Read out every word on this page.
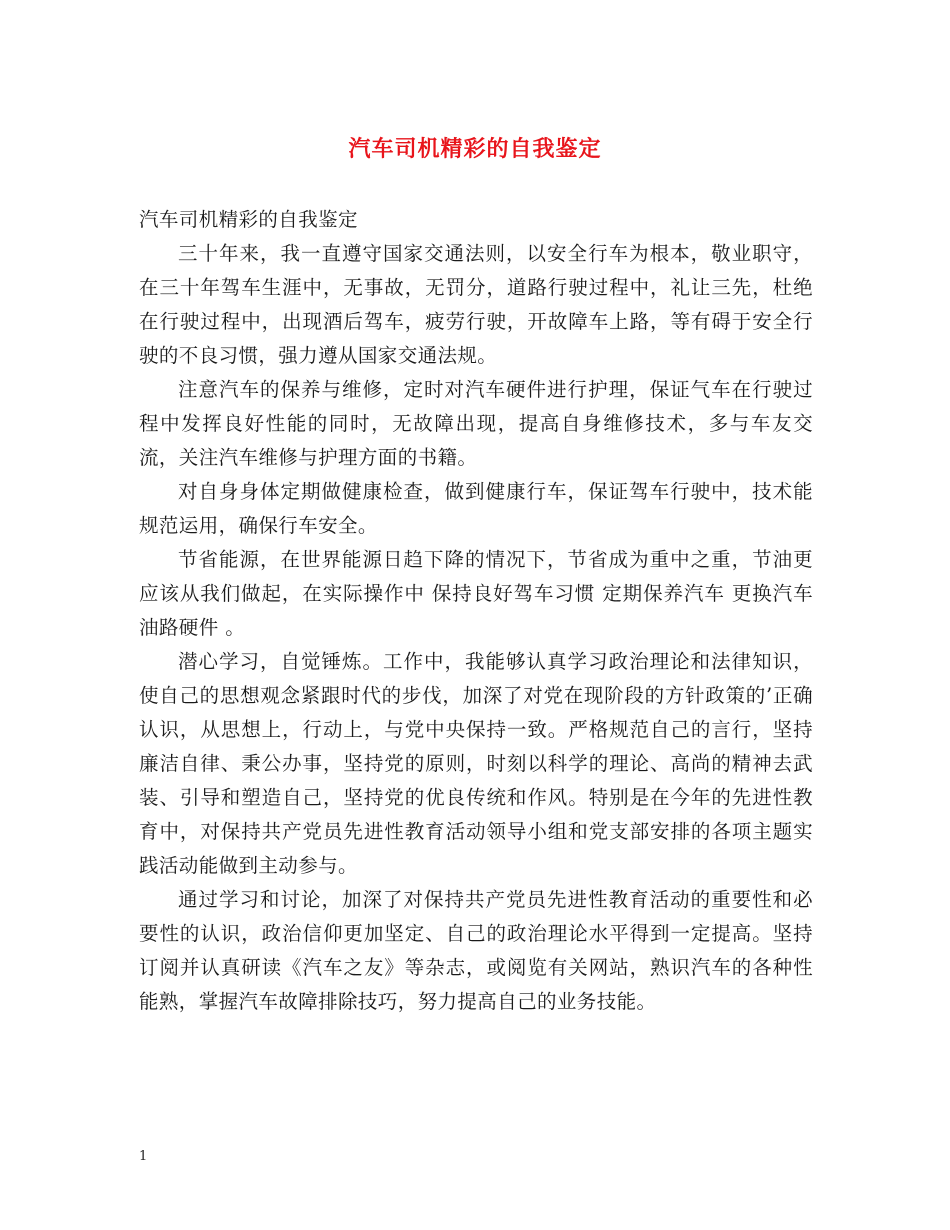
汽车司机精彩的自我鉴定

汽车司机精彩的自我鉴定

三十年来，我一直遵守国家交通法则，以安全行车为根本，敬业职守，在三十年驾车生涯中，无事故，无罚分，道路行驶过程中，礼让三先，杜绝在行驶过程中，出现酒后驾车，疲劳行驶，开故障车上路，等有碍于安全行驶的不良习惯，强力遵从国家交通法规。

注意汽车的保养与维修，定时对汽车硬件进行护理，保证气车在行驶过程中发挥良好性能的同时，无故障出现，提高自身维修技术，多与车友交流，关注汽车维修与护理方面的书籍。

对自身身体定期做健康检查，做到健康行车，保证驾车行驶中，技术能规范运用，确保行车安全。

节省能源，在世界能源日趋下降的情况下，节省成为重中之重，节油更应该从我们做起，在实际操作中 保持良好驾车习惯 定期保养汽车 更换汽车油路硬件 。

潜心学习，自觉锤炼。工作中，我能够认真学习政治理论和法律知识，使自己的思想观念紧跟时代的步伐，加深了对党在现阶段的方针政策的’正确认识，从思想上，行动上，与党中央保持一致。严格规范自己的言行，坚持廉洁自律、秉公办事，坚持党的原则，时刻以科学的理论、高尚的精神去武装、引导和塑造自己，坚持党的优良传统和作风。特别是在今年的先进性教育中，对保持共产党员先进性教育活动领导小组和党支部安排的各项主题实践活动能做到主动参与。

通过学习和讨论，加深了对保持共产党员先进性教育活动的重要性和必要性的认识，政治信仰更加坚定、自己的政治理论水平得到一定提高。坚持订阅并认真研读《汽车之友》等杂志，或阅览有关网站，熟识汽车的各种性能熟，掌握汽车故障排除技巧，努力提高自己的业务技能。

1
